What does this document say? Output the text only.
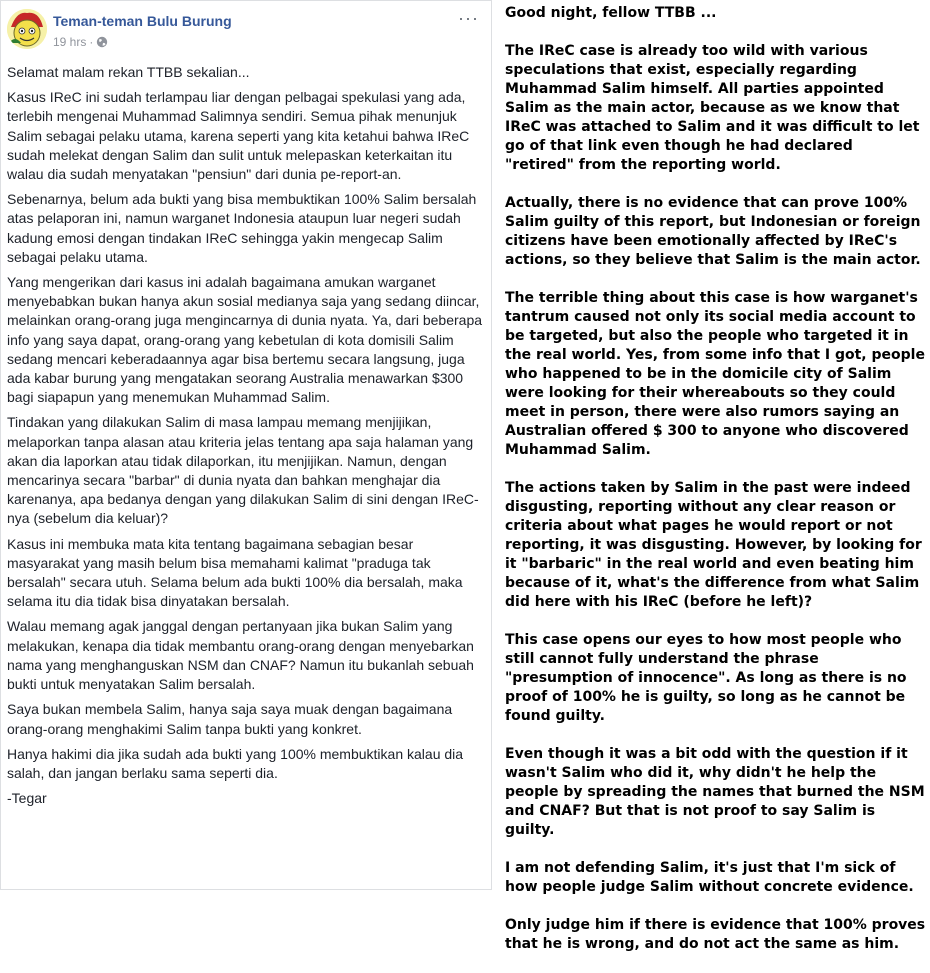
Teman-teman Bulu Burung
19 hrs ·
···

Selamat malam rekan TTBB sekalian...

Kasus IReC ini sudah terlampau liar dengan pelbagai spekulasi yang ada, terlebih mengenai Muhammad Salimnya sendiri. Semua pihak menunjuk Salim sebagai pelaku utama, karena seperti yang kita ketahui bahwa IReC sudah melekat dengan Salim dan sulit untuk melepaskan keterkaitan itu walau dia sudah menyatakan "pensiun" dari dunia pe-report-an.

Sebenarnya, belum ada bukti yang bisa membuktikan 100% Salim bersalah atas pelaporan ini, namun warganet Indonesia ataupun luar negeri sudah kadung emosi dengan tindakan IReC sehingga yakin mengecap Salim sebagai pelaku utama.

Yang mengerikan dari kasus ini adalah bagaimana amukan warganet menyebabkan bukan hanya akun sosial medianya saja yang sedang diincar, melainkan orang-orang juga mengincarnya di dunia nyata. Ya, dari beberapa info yang saya dapat, orang-orang yang kebetulan di kota domisili Salim sedang mencari keberadaannya agar bisa bertemu secara langsung, juga ada kabar burung yang mengatakan seorang Australia menawarkan $300 bagi siapapun yang menemukan Muhammad Salim.

Tindakan yang dilakukan Salim di masa lampau memang menjijikan, melaporkan tanpa alasan atau kriteria jelas tentang apa saja halaman yang akan dia laporkan atau tidak dilaporkan, itu menjijikan. Namun, dengan mencarinya secara "barbar" di dunia nyata dan bahkan menghajar dia karenanya, apa bedanya dengan yang dilakukan Salim di sini dengan IReC-nya (sebelum dia keluar)?

Kasus ini membuka mata kita tentang bagaimana sebagian besar masyarakat yang masih belum bisa memahami kalimat "praduga tak bersalah" secara utuh. Selama belum ada bukti 100% dia bersalah, maka selama itu dia tidak bisa dinyatakan bersalah.

Walau memang agak janggal dengan pertanyaan jika bukan Salim yang melakukan, kenapa dia tidak membantu orang-orang dengan menyebarkan nama yang menghanguskan NSM dan CNAF? Namun itu bukanlah sebuah bukti untuk menyatakan Salim bersalah.

Saya bukan membela Salim, hanya saja saya muak dengan bagaimana orang-orang menghakimi Salim tanpa bukti yang konkret.

Hanya hakimi dia jika sudah ada bukti yang 100% membuktikan kalau dia salah, dan jangan berlaku sama seperti dia.

-Tegar

Good night, fellow TTBB ...

The IReC case is already too wild with various speculations that exist, especially regarding Muhammad Salim himself. All parties appointed Salim as the main actor, because as we know that IReC was attached to Salim and it was difficult to let go of that link even though he had declared "retired" from the reporting world.

Actually, there is no evidence that can prove 100% Salim guilty of this report, but Indonesian or foreign citizens have been emotionally affected by IReC's actions, so they believe that Salim is the main actor.

The terrible thing about this case is how warganet's tantrum caused not only its social media account to be targeted, but also the people who targeted it in the real world. Yes, from some info that I got, people who happened to be in the domicile city of Salim were looking for their whereabouts so they could meet in person, there were also rumors saying an Australian offered $ 300 to anyone who discovered Muhammad Salim.

The actions taken by Salim in the past were indeed disgusting, reporting without any clear reason or criteria about what pages he would report or not reporting, it was disgusting. However, by looking for it "barbaric" in the real world and even beating him because of it, what's the difference from what Salim did here with his IReC (before he left)?

This case opens our eyes to how most people who still cannot fully understand the phrase "presumption of innocence". As long as there is no proof of 100% he is guilty, so long as he cannot be found guilty.

Even though it was a bit odd with the question if it wasn't Salim who did it, why didn't he help the people by spreading the names that burned the NSM and CNAF? But that is not proof to say Salim is guilty.

I am not defending Salim, it's just that I'm sick of how people judge Salim without concrete evidence.

Only judge him if there is evidence that 100% proves that he is wrong, and do not act the same as him.
